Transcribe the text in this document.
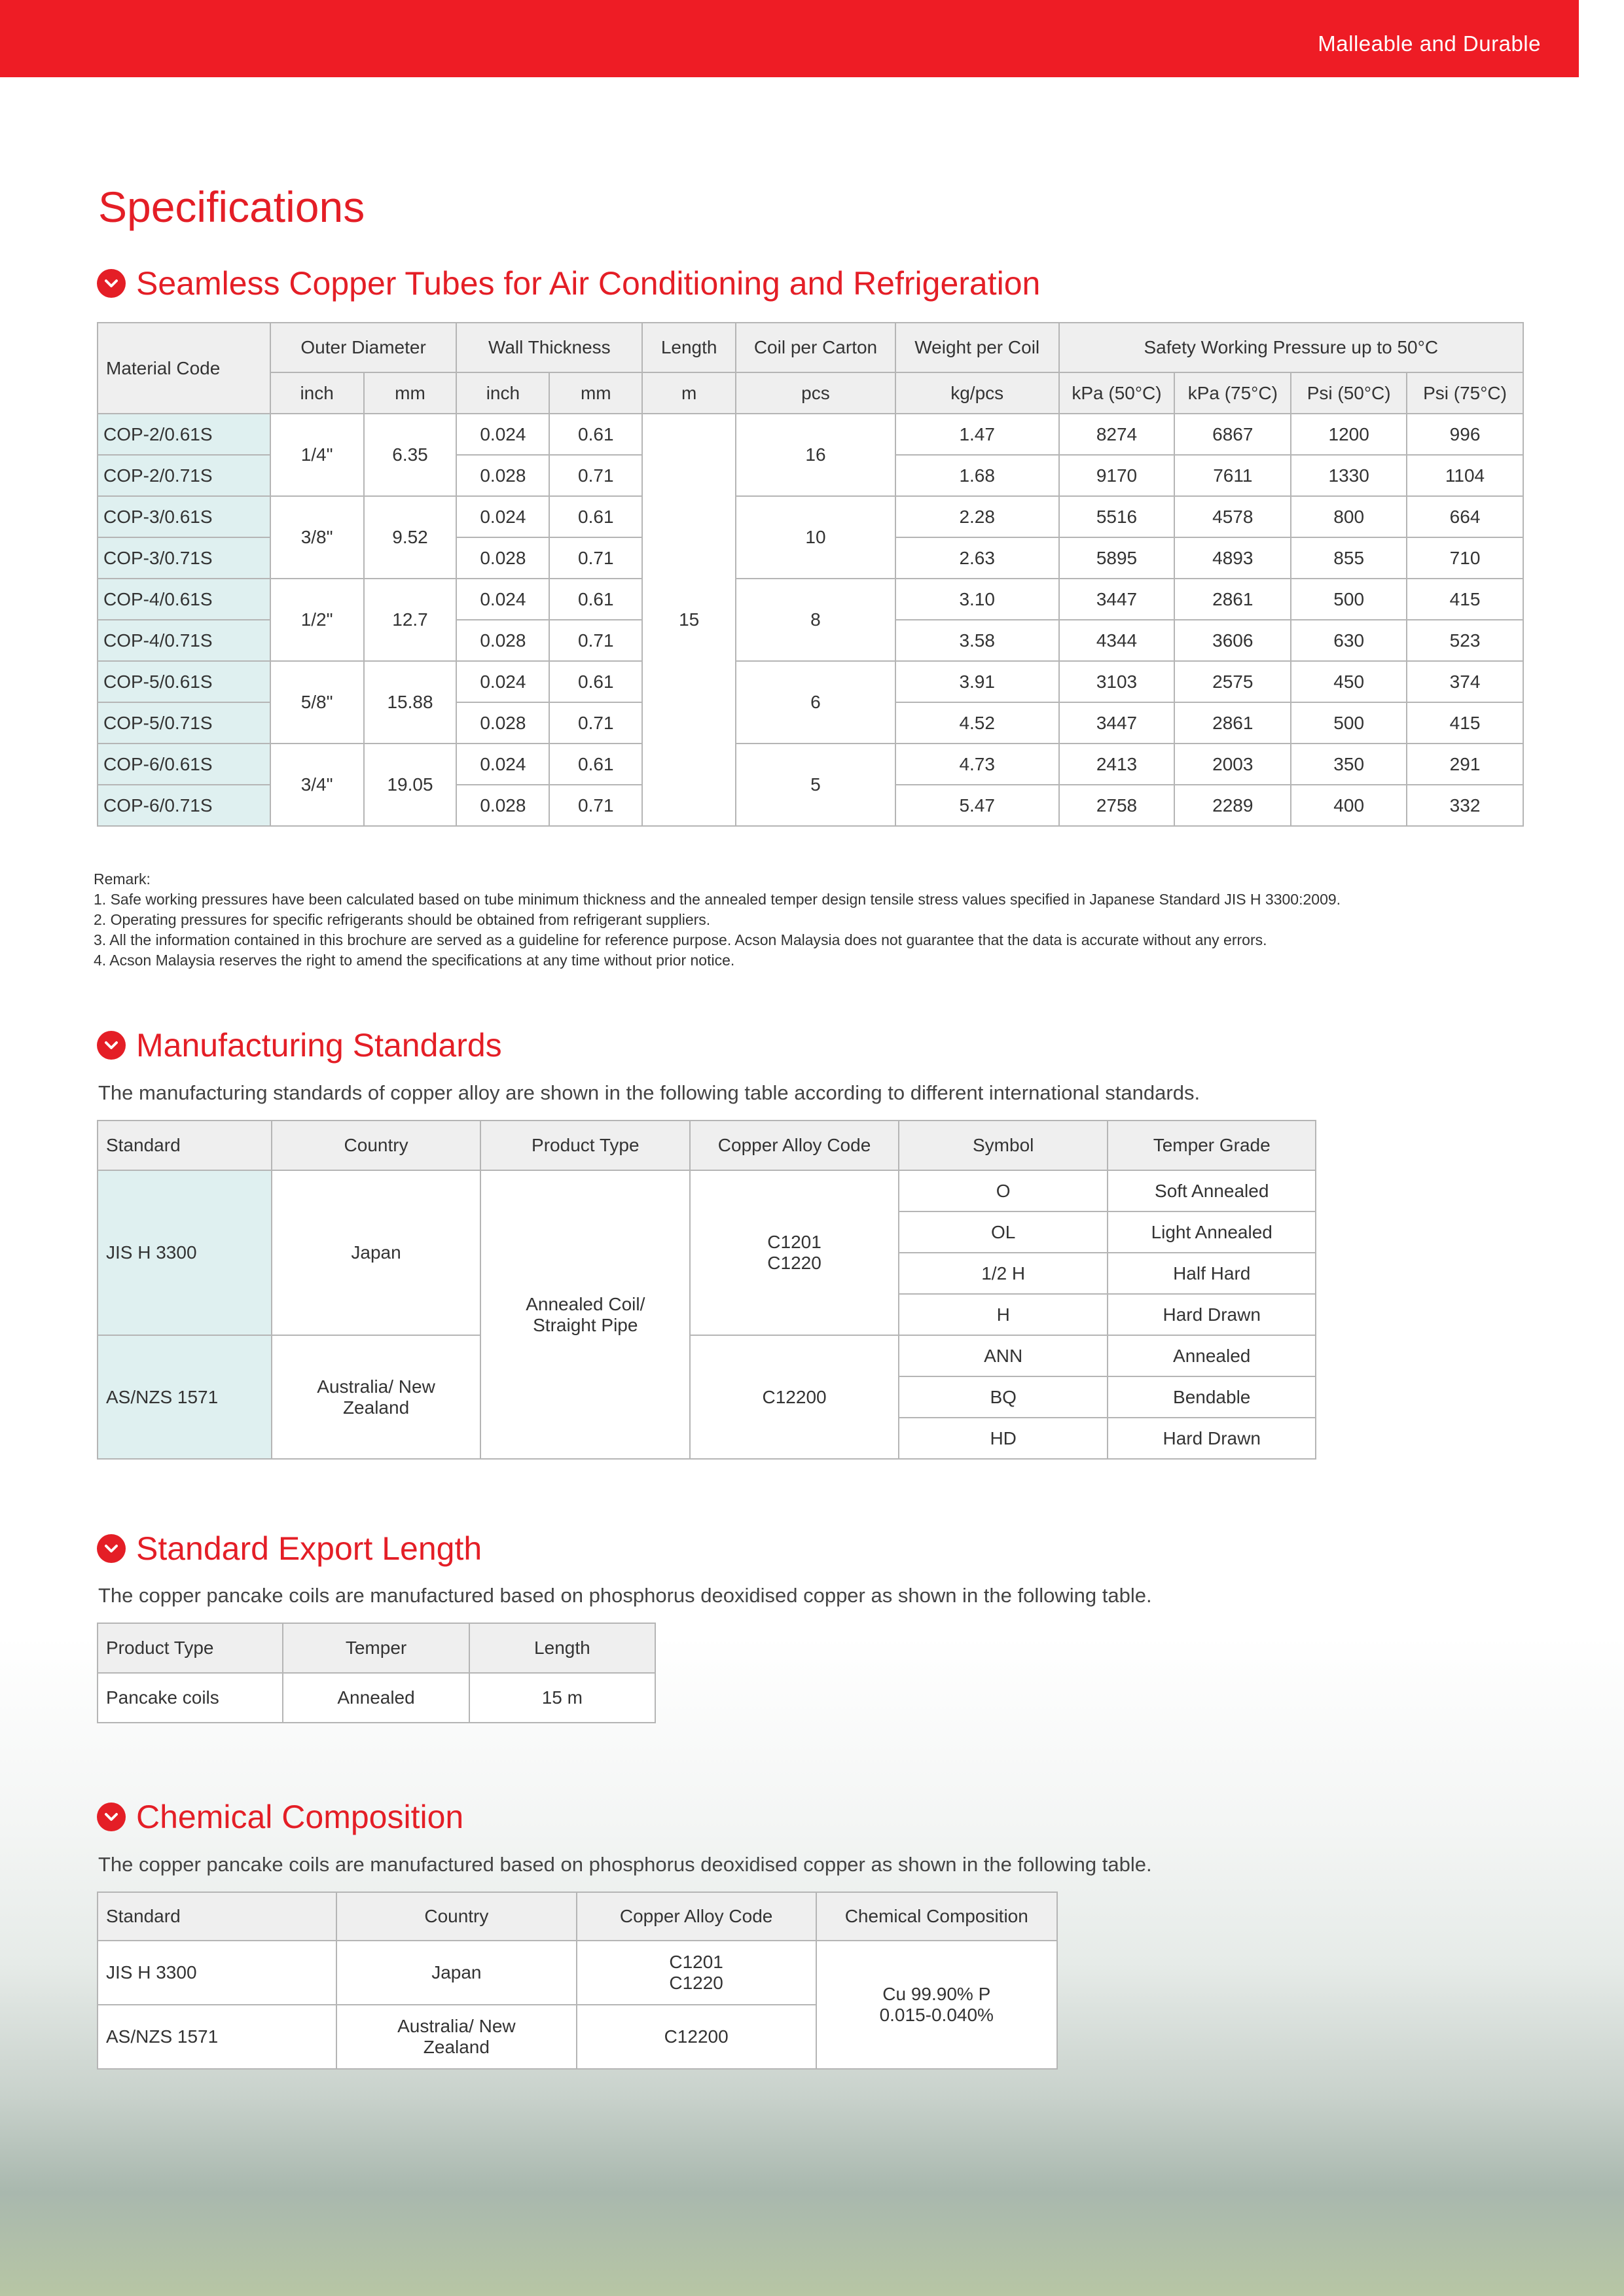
Malleable and Durable
Specifications
Seamless Copper Tubes for Air Conditioning and Refrigeration
Material Code	Outer Diameter		Wall Thickness		Length	Coil per Carton	Weight per Coil	Safety Working Pressure up to 50°C			
	inch	mm	inch	mm	m	pcs	kg/pcs	kPa (50°C)	kPa (75°C)	Psi (50°C)	Psi (75°C)
COP-2/0.61S	1/4"	6.35	0.024	0.61	15	16	1.47	8274	6867	1200	996
COP-2/0.71S			0.028	0.71			1.68	9170	7611	1330	1104
COP-3/0.61S	3/8"	9.52	0.024	0.61		10	2.28	5516	4578	800	664
COP-3/0.71S			0.028	0.71			2.63	5895	4893	855	710
COP-4/0.61S	1/2"	12.7	0.024	0.61		8	3.10	3447	2861	500	415
COP-4/0.71S			0.028	0.71			3.58	4344	3606	630	523
COP-5/0.61S	5/8"	15.88	0.024	0.61		6	3.91	3103	2575	450	374
COP-5/0.71S			0.028	0.71			4.52	3447	2861	500	415
COP-6/0.61S	3/4"	19.05	0.024	0.61		5	4.73	2413	2003	350	291
COP-6/0.71S			0.028	0.71			5.47	2758	2289	400	332
Remark:
1. Safe working pressures have been calculated based on tube minimum thickness and the annealed temper design tensile stress values specified in Japanese Standard JIS H 3300:2009.
2. Operating pressures for specific refrigerants should be obtained from refrigerant suppliers.
3. All the information contained in this brochure are served as a guideline for reference purpose. Acson Malaysia does not guarantee that the data is accurate without any errors.
4. Acson Malaysia reserves the right to amend the specifications at any time without prior notice.
Manufacturing Standards
The manufacturing standards of copper alloy are shown in the following table according to different international standards.
Standard	Country	Product Type	Copper Alloy Code	Symbol	Temper Grade
JIS H 3300	Japan	Annealed Coil/ Straight Pipe	C1201 C1220	O	Soft Annealed
				OL	Light Annealed
				1/2 H	Half Hard
				H	Hard Drawn
AS/NZS 1571	Australia/ New Zealand		C12200	ANN	Annealed
				BQ	Bendable
				HD	Hard Drawn
Standard Export Length
The copper pancake coils are manufactured based on phosphorus deoxidised copper as shown in the following table.
Product Type	Temper	Length
Pancake coils	Annealed	15 m
Chemical Composition
The copper pancake coils are manufactured based on phosphorus deoxidised copper as shown in the following table.
Standard	Country	Copper Alloy Code	Chemical Composition
JIS H 3300	Japan	C1201 C1220	Cu 99.90% P 0.015-0.040%
AS/NZS 1571	Australia/ New Zealand	C12200	
